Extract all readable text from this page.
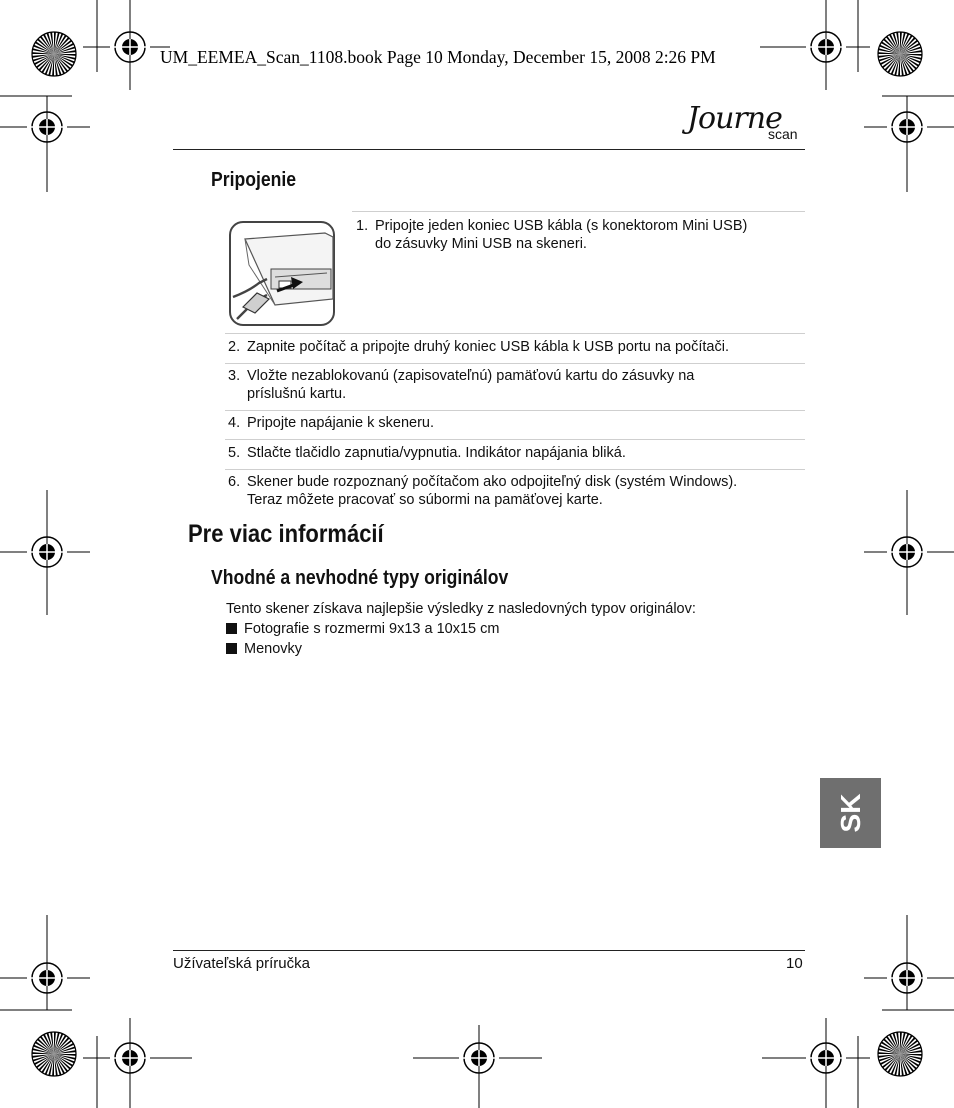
UM_EEMEA_Scan_1108.book Page 10 Monday, December 15, 2008 2:26 PM
Journe
scan
Pripojenie
1. Pripojte jeden koniec USB kábla (s konektorom Mini USB)
do zásuvky Mini USB na skeneri.
2. Zapnite počítač a pripojte druhý koniec USB kábla k USB portu na počítači.
3. Vložte nezablokovanú (zapisovateľnú) pamäťovú kartu do zásuvky na
prísl​ušnú kartu.
4. Pripojte napájanie k skeneru.
5. Stlačte tlačidlo zapnutia/vypnutia. Indikátor napájania bliká.
6. Skener bude rozpoznaný počítačom ako odpojiteľný disk (systém Windows).
Teraz môžete pracovať so súbormi na pamäťovej karte.
Pre viac informácií
Vhodné a nevhodné typy originálov
Tento skener získava najlepšie výsledky z nasledovných typov originálov:
Fotografie s rozmermi 9x13 a 10x15 cm
Menovky
SK
Užívateľská príručka	10
